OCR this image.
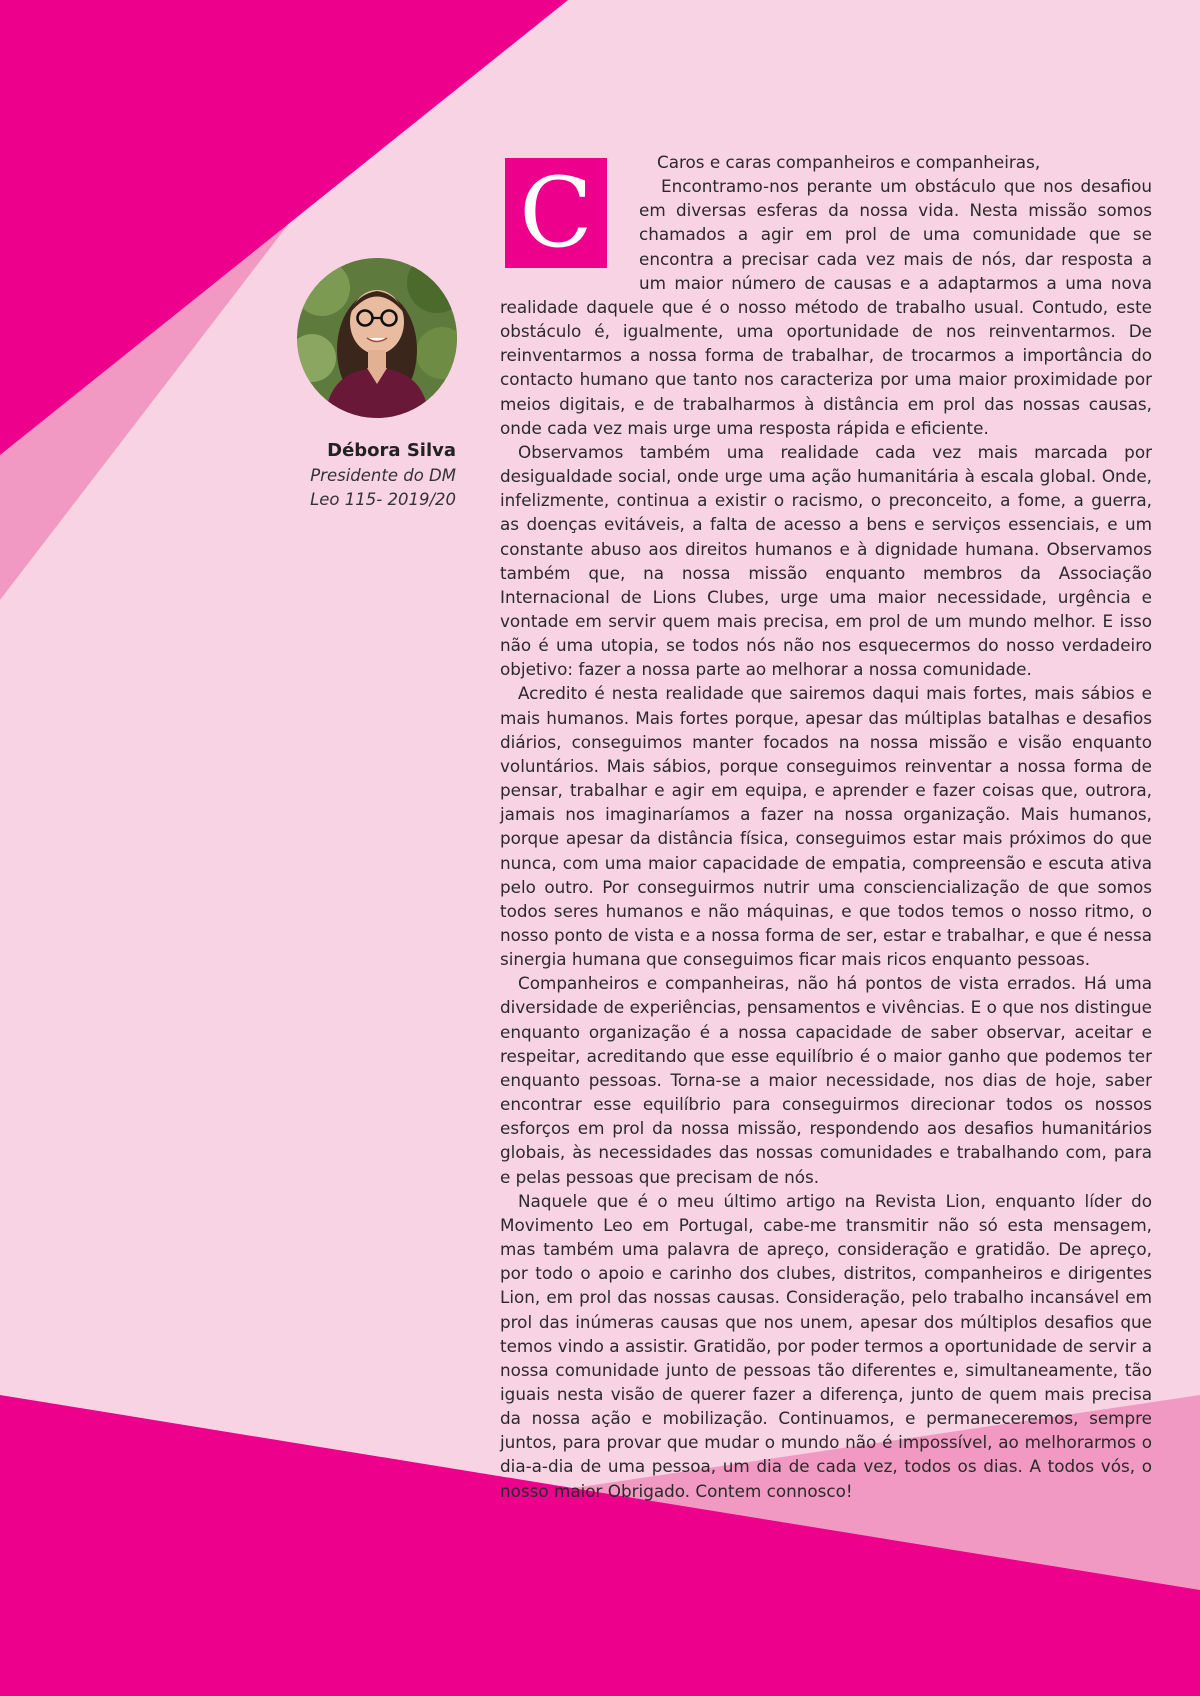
Débora Silva
Presidente do DM
Leo 115- 2019/20
C	Caros e caras companheiros e companheiras,

Encontramo-nos perante um obstáculo que nos desafiou em diversas esferas da nossa vida. Nesta missão somos chamados a agir em prol de uma comunidade que se encontra a precisar cada vez mais de nós, dar resposta a um maior número de causas e a adaptarmos a uma nova realidade daquele que é o nosso método de trabalho usual. Contudo, este obstáculo é, igualmente, uma oportunidade de nos reinventarmos. De reinventarmos a nossa forma de trabalhar, de trocarmos a importância do contacto humano que tanto nos caracteriza por uma maior proximidade por meios digitais, e de trabalharmos à distância em prol das nossas causas, onde cada vez mais urge uma resposta rápida e eficiente.

Observamos também uma realidade cada vez mais marcada por desigualdade social, onde urge uma ação humanitária à escala global. Onde, infelizmente, continua a existir o racismo, o preconceito, a fome, a guerra, as doenças evitáveis, a falta de acesso a bens e serviços essenciais, e um constante abuso aos direitos humanos e à dignidade humana. Observamos também que, na nossa missão enquanto membros da Associação Internacional de Lions Clubes, urge uma maior necessidade, urgência e vontade em servir quem mais precisa, em prol de um mundo melhor. E isso não é uma utopia, se todos nós não nos esquecermos do nosso verdadeiro objetivo: fazer a nossa parte ao melhorar a nossa comunidade.

Acredito é nesta realidade que sairemos daqui mais fortes, mais sábios e mais humanos. Mais fortes porque, apesar das múltiplas batalhas e desafios diários, conseguimos manter focados na nossa missão e visão enquanto voluntários. Mais sábios, porque conseguimos reinventar a nossa forma de pensar, trabalhar e agir em equipa, e aprender e fazer coisas que, outrora, jamais nos imaginaríamos a fazer na nossa organização. Mais humanos, porque apesar da distância física, conseguimos estar mais próximos do que nunca, com uma maior capacidade de empatia, compreensão e escuta ativa pelo outro. Por conseguirmos nutrir uma consciencialização de que somos todos seres humanos e não máquinas, e que todos temos o nosso ritmo, o nosso ponto de vista e a nossa forma de ser, estar e trabalhar, e que é nessa sinergia humana que conseguimos ficar mais ricos enquanto pessoas.

Companheiros e companheiras, não há pontos de vista errados. Há uma diversidade de experiências, pensamentos e vivências. E o que nos distingue enquanto organização é a nossa capacidade de saber observar, aceitar e respeitar, acreditando que esse equilíbrio é o maior ganho que podemos ter enquanto pessoas. Torna-se a maior necessidade, nos dias de hoje, saber encontrar esse equilíbrio para conseguirmos direcionar todos os nossos esforços em prol da nossa missão, respondendo aos desafios humanitários globais, às necessidades das nossas comunidades e trabalhando com, para e pelas pessoas que precisam de nós.

Naquele que é o meu último artigo na Revista Lion, enquanto líder do Movimento Leo em Portugal, cabe-me transmitir não só esta mensagem, mas também uma palavra de apreço, consideração e gratidão. De apreço, por todo o apoio e carinho dos clubes, distritos, companheiros e dirigentes Lion, em prol das nossas causas. Consideração, pelo trabalho incansável em prol das inúmeras causas que nos unem, apesar dos múltiplos desafios que temos vindo a assistir. Gratidão, por poder termos a oportunidade de servir a nossa comunidade junto de pessoas tão diferentes e, simultaneamente, tão iguais nesta visão de querer fazer a diferença, junto de quem mais precisa da nossa ação e mobilização. Continuamos, e permaneceremos, sempre juntos, para provar que mudar o mundo não é impossível, ao melhorarmos o dia-a-dia de uma pessoa, um dia de cada vez, todos os dias. A todos vós, o nosso maior Obrigado. Contem connosco!
